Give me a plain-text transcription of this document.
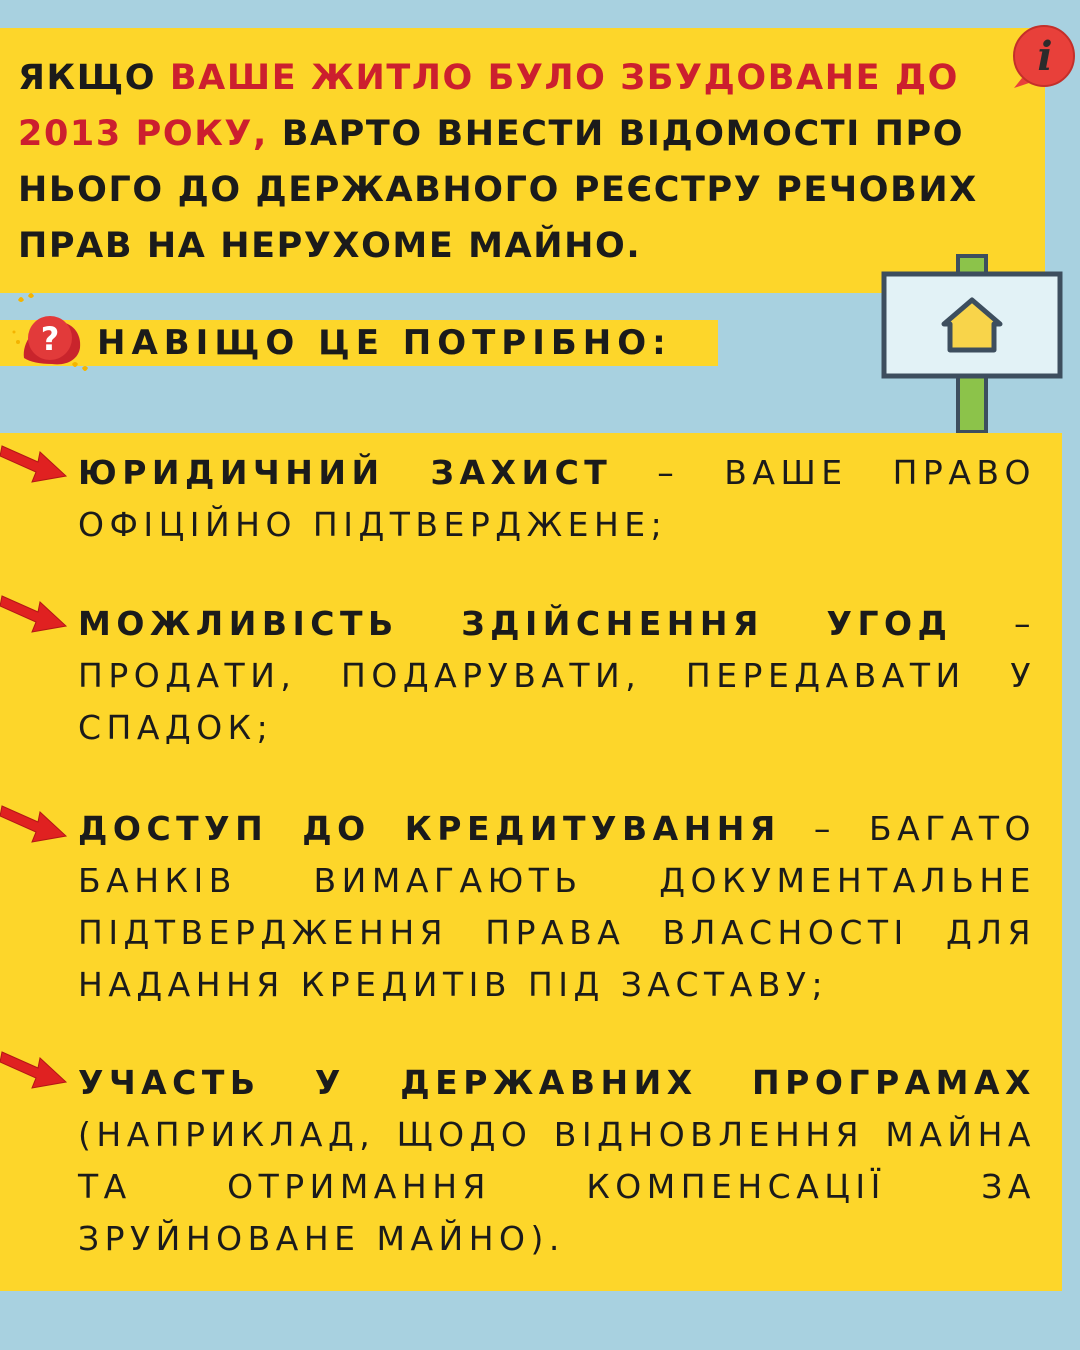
ЯКЩО ВАШЕ ЖИТЛО БУЛО ЗБУДОВАНЕ ДО 2013 РОКУ, ВАРТО ВНЕСТИ ВІДОМОСТІ ПРО НЬОГО ДО ДЕРЖАВНОГО РЕЄСТРУ РЕЧОВИХ ПРАВ НА НЕРУХОМЕ МАЙНО.

i
? НАВІЩО ЦЕ ПОТРІБНО:

ЮРИДИЧНИЙ ЗАХИСТ – ВАШЕ ПРАВО ОФІЦІЙНО ПІДТВЕРДЖЕНЕ;

МОЖЛИВІСТЬ ЗДІЙСНЕННЯ УГОД – ПРОДАТИ, ПОДАРУВАТИ, ПЕРЕДАВАТИ У СПАДОК;

ДОСТУП ДО КРЕДИТУВАННЯ – БАГАТО БАНКІВ ВИМАГАЮТЬ ДОКУМЕНТАЛЬНЕ ПІДТВЕРДЖЕННЯ ПРАВА ВЛАСНОСТІ ДЛЯ НАДАННЯ КРЕДИТІВ ПІД ЗАСТАВУ;

УЧАСТЬ У ДЕРЖАВНИХ ПРОГРАМАХ (НАПРИКЛАД, ЩОДО ВІДНОВЛЕННЯ МАЙНА ТА ОТРИМАННЯ КОМПЕНСАЦІЇ ЗА ЗРУЙНОВАНЕ МАЙНО).
